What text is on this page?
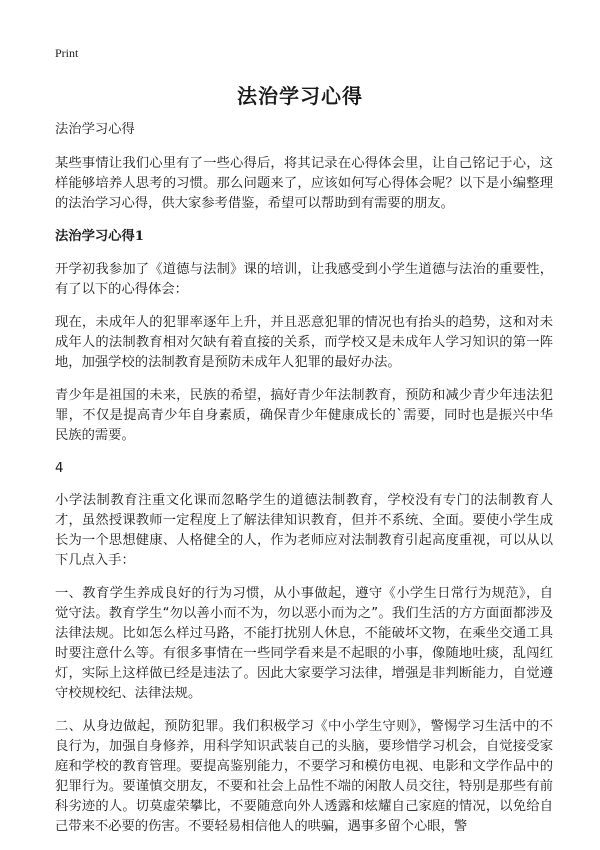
Print
法治学习心得

法治学习心得

某些事情让我们心里有了一些心得后，将其记录在心得体会里，让自己铭记于心，这样能够培养人思考的习惯。那么问题来了，应该如何写心得体会呢？以下是小编整理的法治学习心得，供大家参考借鉴，希望可以帮助到有需要的朋友。

法治学习心得1

开学初我参加了《道德与法制》课的培训，让我感受到小学生道德与法治的重要性，有了以下的心得体会：

现在，未成年人的犯罪率逐年上升，并且恶意犯罪的情况也有抬头的趋势，这和对未成年人的法制教育相对欠缺有着直接的关系，而学校又是未成年人学习知识的第一阵地，加强学校的法制教育是预防未成年人犯罪的最好办法。

青少年是祖国的未来，民族的希望，搞好青少年法制教育，预防和减少青少年违法犯罪，不仅是提高青少年自身素质，确保青少年健康成长的`需要，同时也是振兴中华民族的需要。

4

小学法制教育注重文化课而忽略学生的道德法制教育，学校没有专门的法制教育人才，虽然授课教师一定程度上了解法律知识教育，但并不系统、全面。要使小学生成长为一个思想健康、人格健全的人，作为老师应对法制教育引起高度重视，可以从以下几点入手：

一、教育学生养成良好的行为习惯，从小事做起，遵守《小学生日常行为规范》，自觉守法。教育学生“勿以善小而不为，勿以恶小而为之”。我们生活的方方面面都涉及法律法规。比如怎么样过马路，不能打扰别人休息，不能破坏文物，在乘坐交通工具时要注意什么等。有很多事情在一些同学看来是不起眼的小事，像随地吐痰，乱闯红灯，实际上这样做已经是违法了。因此大家要学习法律，增强是非判断能力，自觉遵守校规校纪、法律法规。

二、从身边做起，预防犯罪。我们积极学习《中小学生守则》，警惕学习生活中的不良行为，加强自身修养，用科学知识武装自己的头脑，要珍惜学习机会，自觉接受家庭和学校的教育管理。要提高鉴别能力，不要学习和模仿电视、电影和文学作品中的犯罪行为。要谨慎交朋友，不要和社会上品性不端的闲散人员交往，特别是那些有前科劣迹的人。切莫虚荣攀比，不要随意向外人透露和炫耀自己家庭的情况，以免给自己带来不必要的伤害。不要轻易相信他人的哄骗，遇事多留个心眼，警
